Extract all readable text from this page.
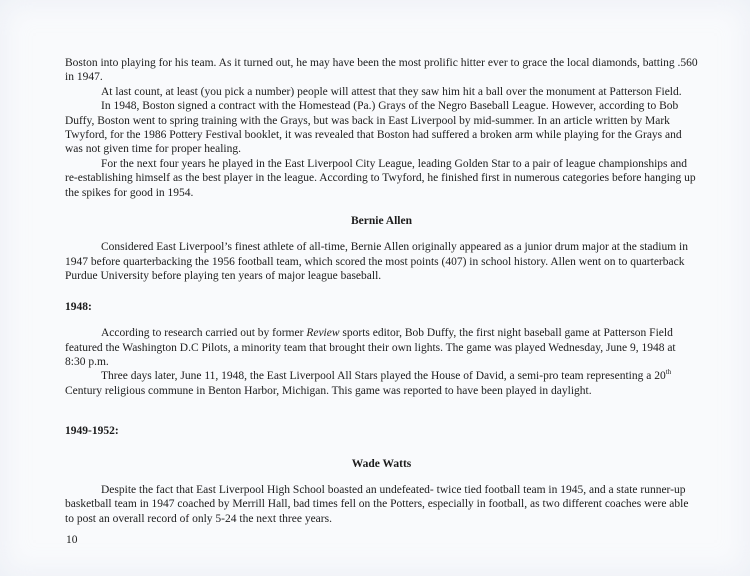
Boston into playing for his team. As it turned out, he may have been the most prolific hitter ever to grace the local diamonds, batting .560 in 1947.

At last count, at least (you pick a number) people will attest that they saw him hit a ball over the monument at Patterson Field.

In 1948, Boston signed a contract with the Homestead (Pa.) Grays of the Negro Baseball League. However, according to Bob Duffy, Boston went to spring training with the Grays, but was back in East Liverpool by mid-summer. In an article written by Mark Twyford, for the 1986 Pottery Festival booklet, it was revealed that Boston had suffered a broken arm while playing for the Grays and was not given time for proper healing.

For the next four years he played in the East Liverpool City League, leading Golden Star to a pair of league championships and re-establishing himself as the best player in the league. According to Twyford, he finished first in numerous categories before hanging up the spikes for good in 1954.

Bernie Allen

Considered East Liverpool’s finest athlete of all-time, Bernie Allen originally appeared as a junior drum major at the stadium in 1947 before quarterbacking the 1956 football team, which scored the most points (407) in school history. Allen went on to quarterback Purdue University before playing ten years of major league baseball.

1948:

According to research carried out by former Review sports editor, Bob Duffy, the first night baseball game at Patterson Field featured the Washington D.C Pilots, a minority team that brought their own lights. The game was played Wednesday, June 9, 1948 at 8:30 p.m.

Three days later, June 11, 1948, the East Liverpool All Stars played the House of David, a semi-pro team representing a 20th Century religious commune in Benton Harbor, Michigan. This game was reported to have been played in daylight.

1949-1952:

Wade Watts

Despite the fact that East Liverpool High School boasted an undefeated- twice tied football team in 1945, and a state runner-up basketball team in 1947 coached by Merrill Hall, bad times fell on the Potters, especially in football, as two different coaches were able to post an overall record of only 5-24 the next three years.

10
